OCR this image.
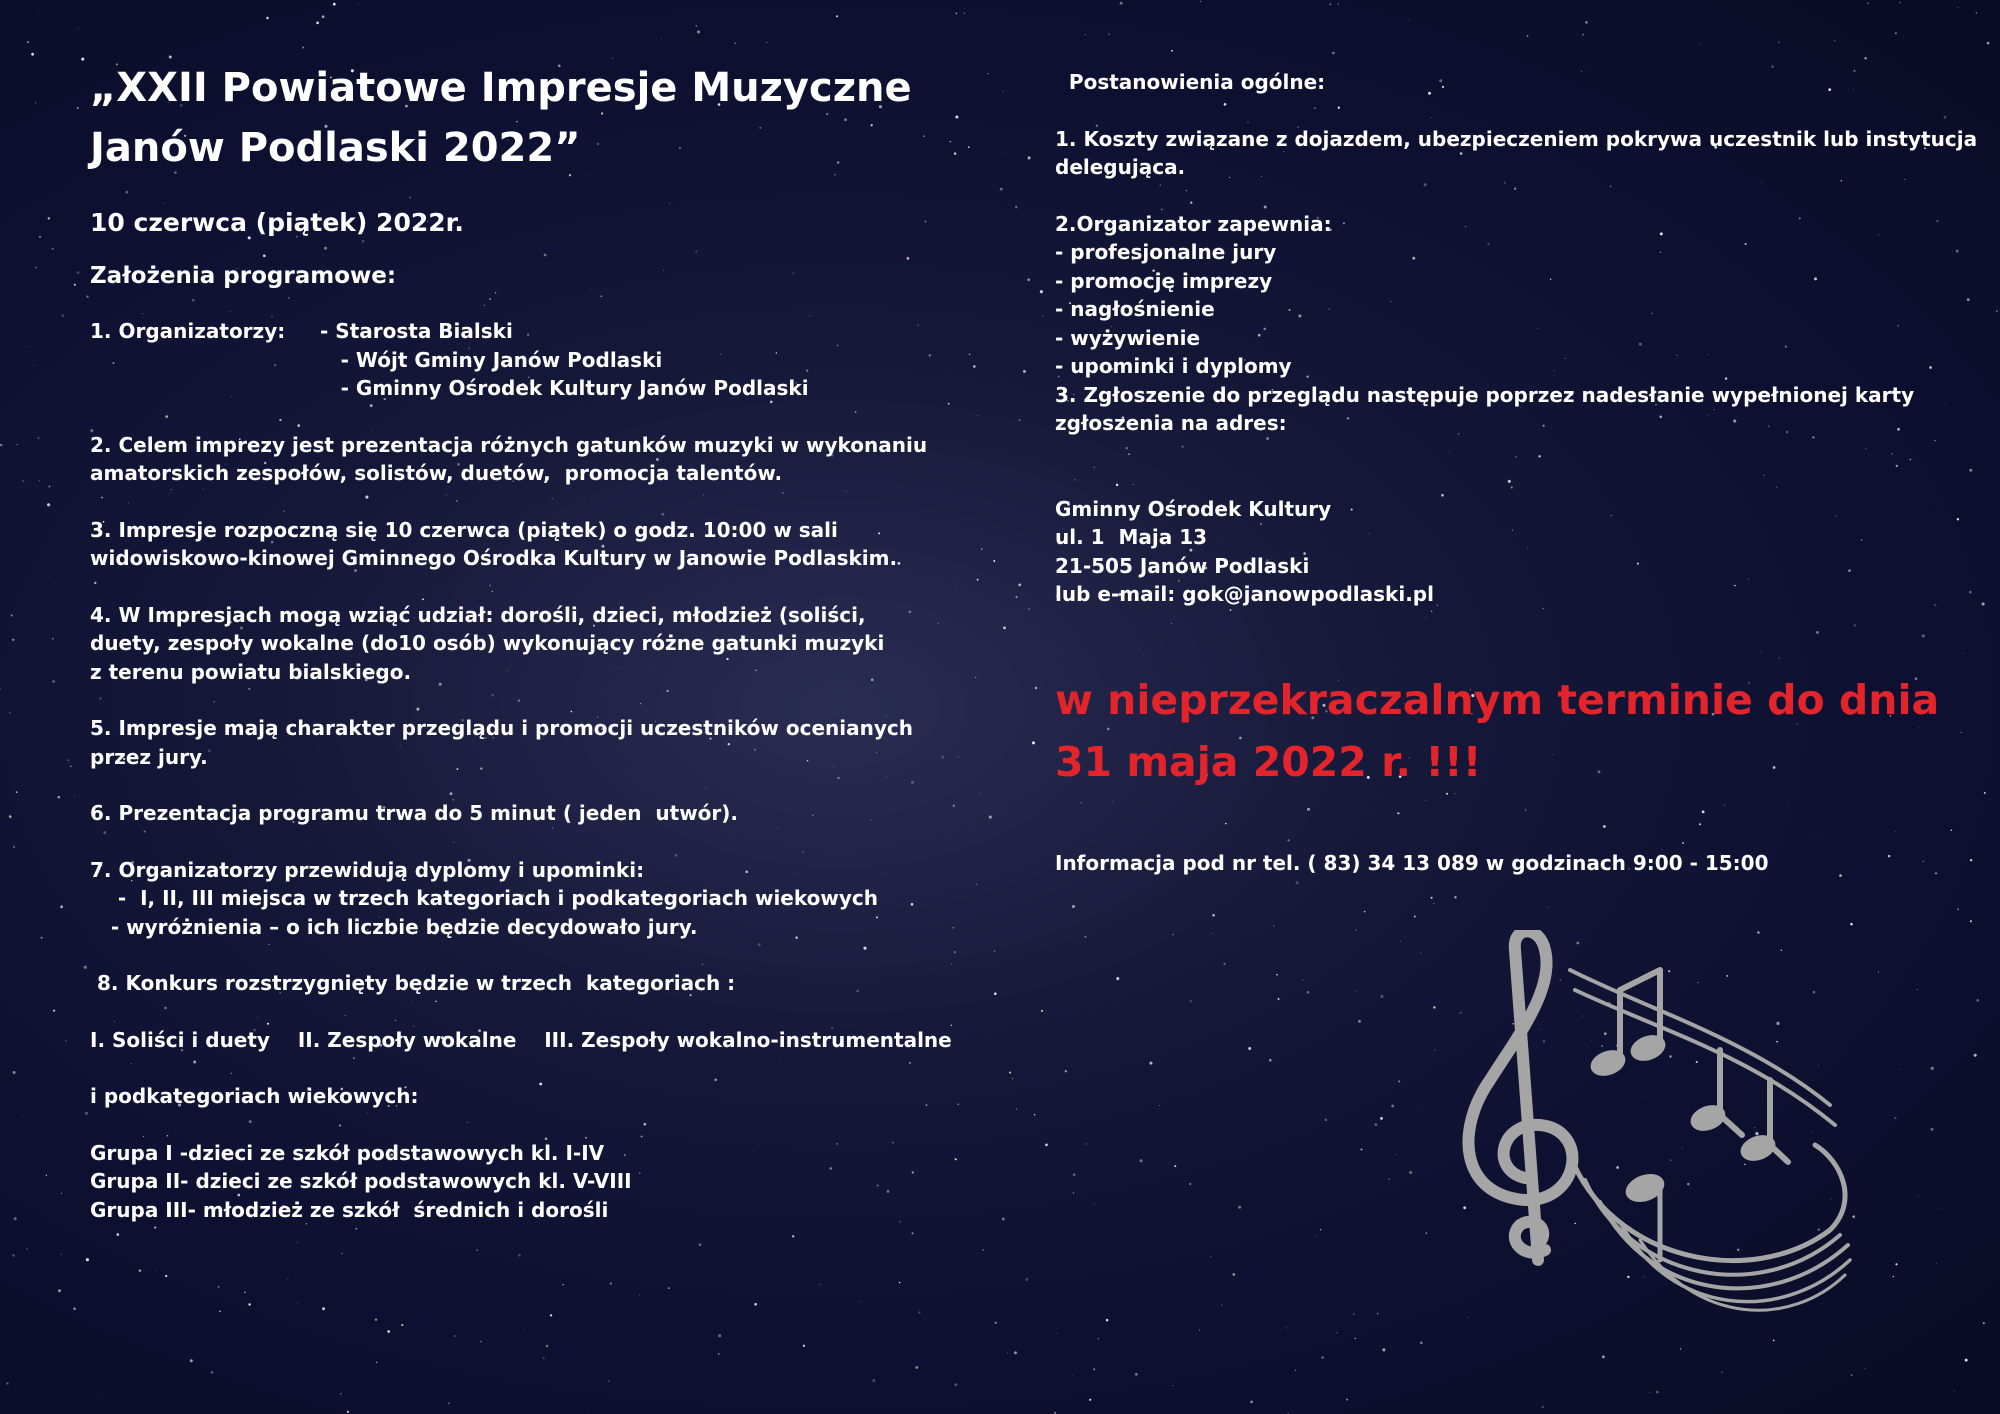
„XXII Powiatowe Impresje Muzyczne
Janów Podlaski 2022”
10 czerwca (piątek) 2022r.
Założenia programowe:

1. Organizatorzy:     - Starosta Bialski
- Wójt Gminy Janów Podlaski
- Gminny Ośrodek Kultury Janów Podlaski

2. Celem imprezy jest prezentacja różnych gatunków muzyki w wykonaniu
amatorskich zespołów, solistów, duetów,  promocja talentów.

3. Impresje rozpoczną się 10 czerwca (piątek) o godz. 10:00 w sali
widowiskowo-kinowej Gminnego Ośrodka Kultury w Janowie Podlaskim.

4. W Impresjach mogą wziąć udział: dorośli, dzieci, młodzież (soliści,
duety, zespoły wokalne (do10 osób) wykonujący różne gatunki muzyki
z terenu powiatu bialskiego.

5. Impresje mają charakter przeglądu i promocji uczestników ocenianych
przez jury.

6. Prezentacja programu trwa do 5 minut ( jeden  utwór).

7. Organizatorzy przewidują dyplomy i upominki:
-  I, II, III miejsca w trzech kategoriach i podkategoriach wiekowych
- wyróżnienia – o ich liczbie będzie decydowało jury.

8. Konkurs rozstrzygnięty będzie w trzech  kategoriach :

I. Soliści i duety    II. Zespoły wokalne    III. Zespoły wokalno-instrumentalne

i podkategoriach wiekowych:

Grupa I -dzieci ze szkół podstawowych kl. I-IV
Grupa II- dzieci ze szkół podstawowych kl. V-VIII
Grupa III- młodzież ze szkół  średnich i dorośli

Postanowienia ogólne:

1. Koszty związane z dojazdem, ubezpieczeniem pokrywa uczestnik lub instytucja
delegująca.

2.Organizator zapewnia:
- profesjonalne jury
- promocję imprezy
- nagłośnienie
- wyżywienie
- upominki i dyplomy
3. Zgłoszenie do przeglądu następuje poprzez nadesłanie wypełnionej karty
zgłoszenia na adres:

Gminny Ośrodek Kultury
ul. 1  Maja 13
21-505 Janów Podlaski
lub e-mail: gok@janowpodlaski.pl

w nieprzekraczalnym terminie do dnia
31 maja 2022 r. !!!
Informacja pod nr tel. ( 83) 34 13 089 w godzinach 9:00 - 15:00
